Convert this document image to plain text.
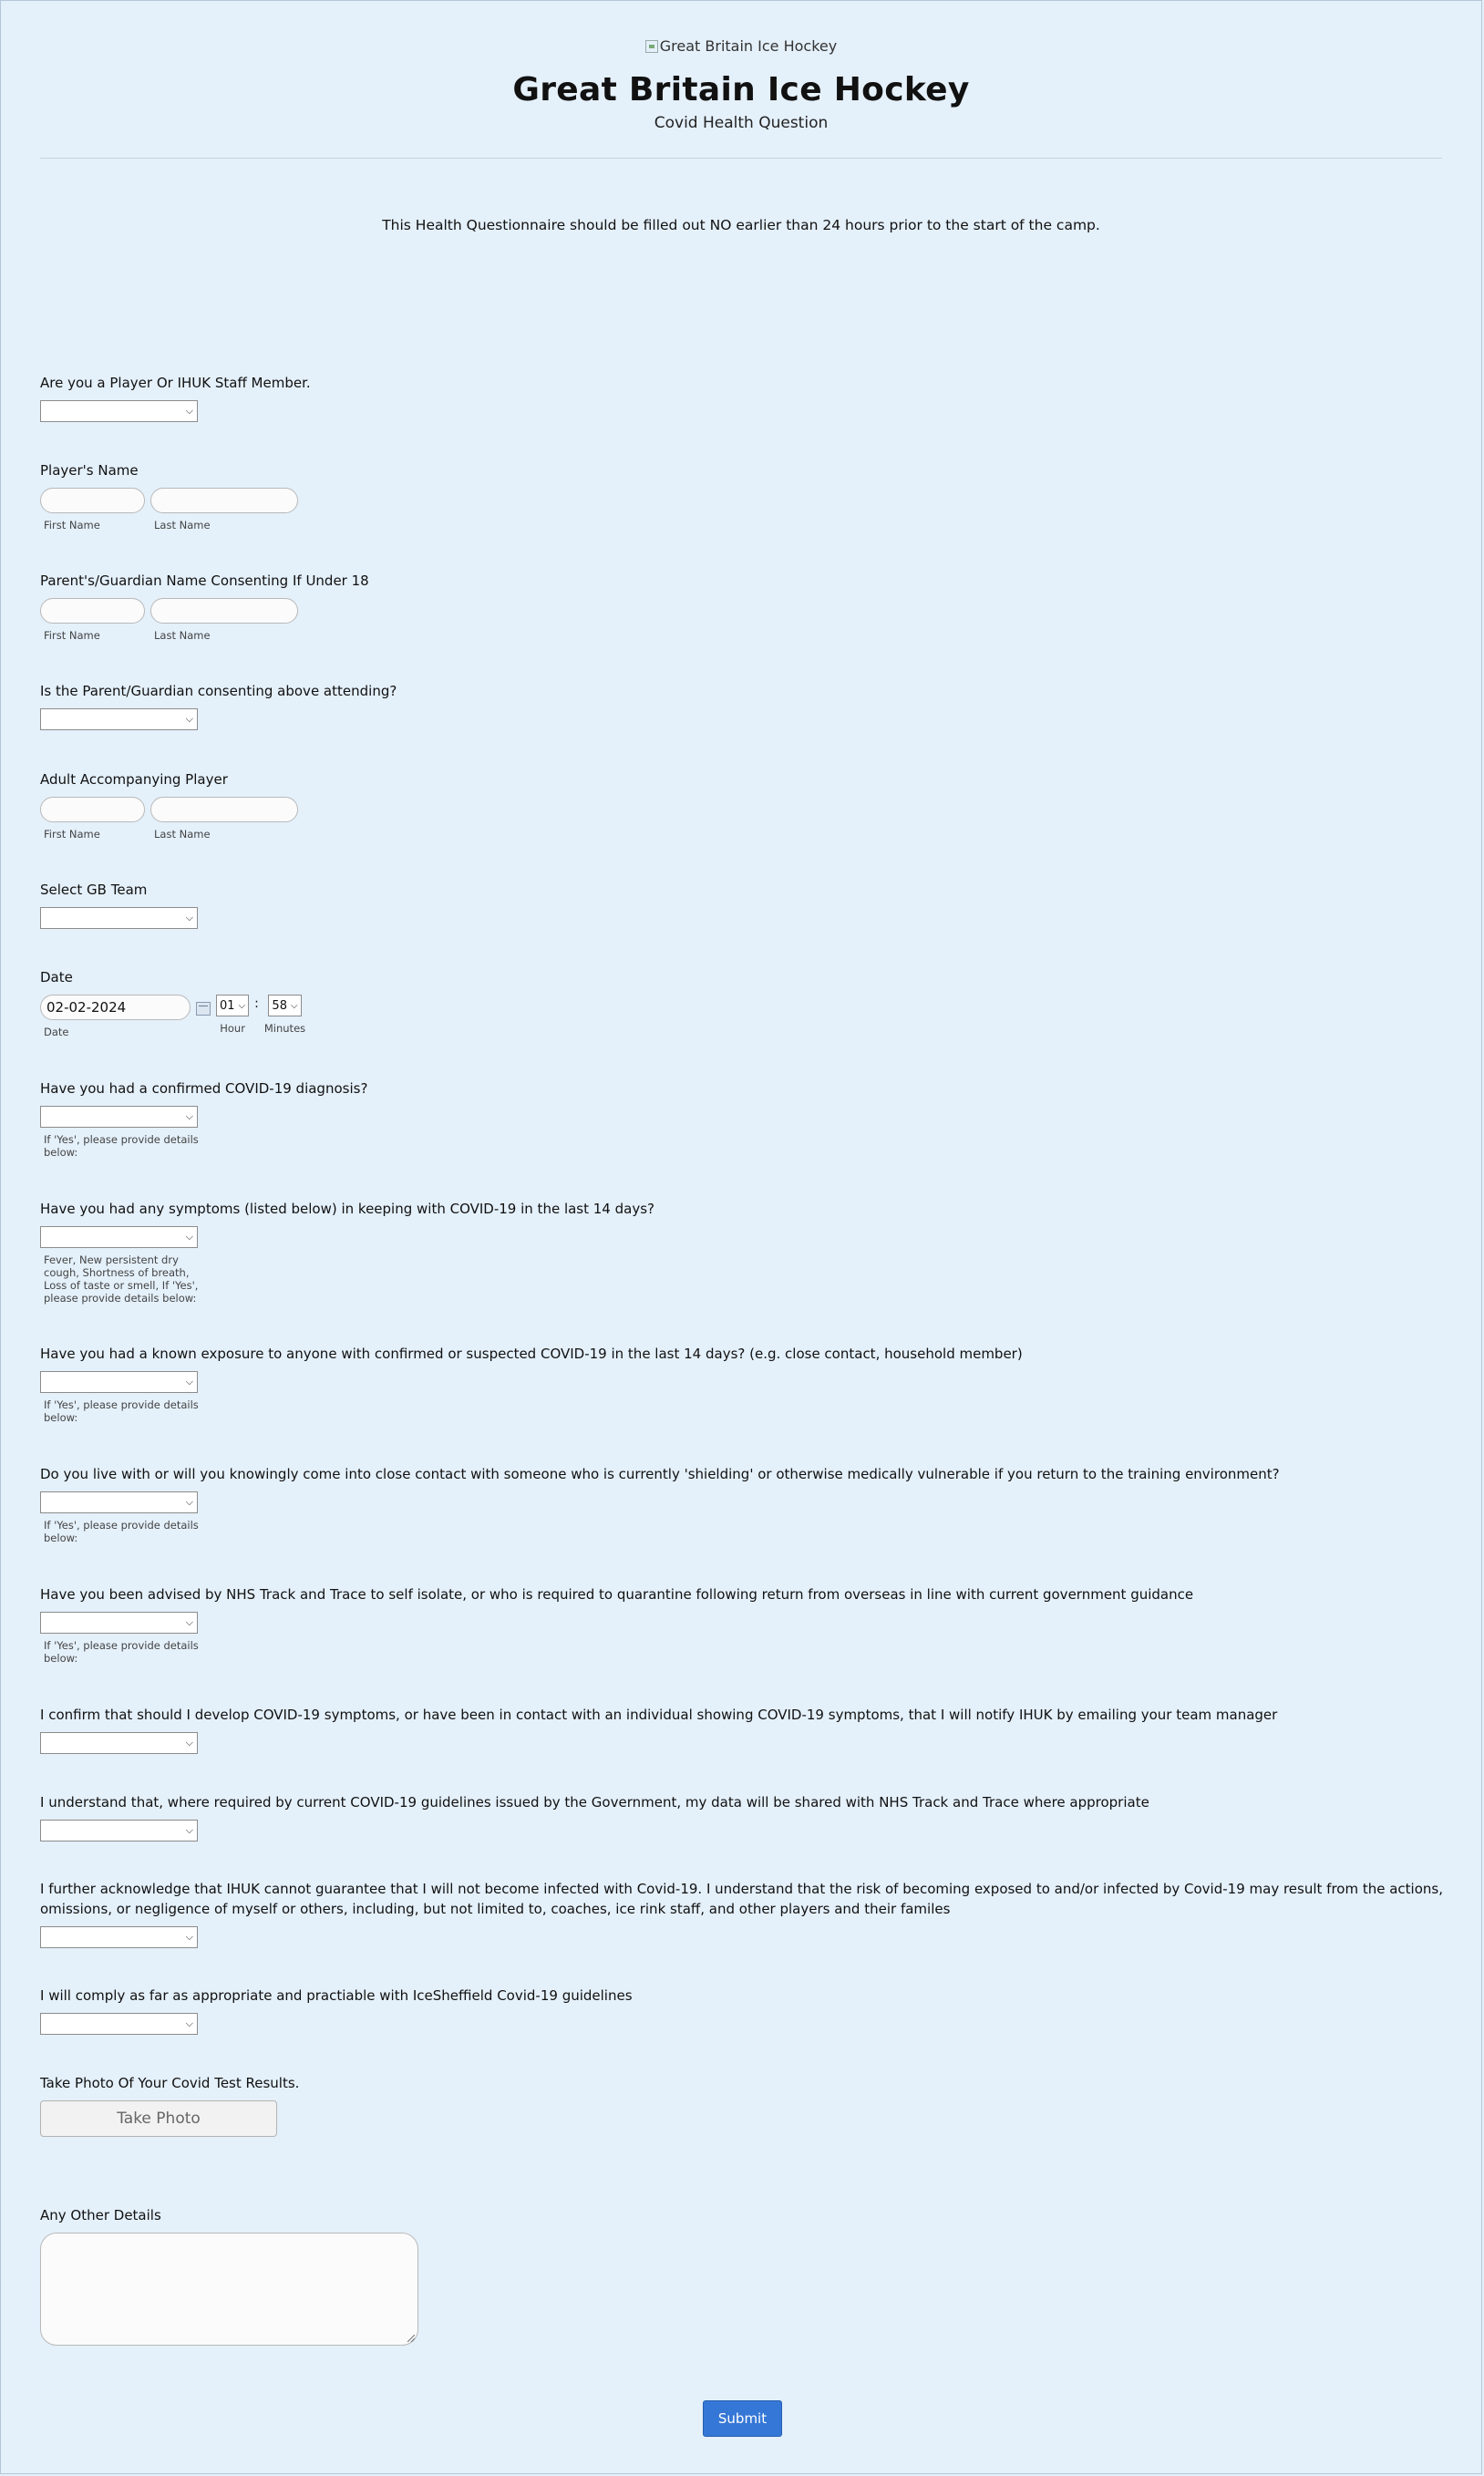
Great Britain Ice Hockey
Great Britain Ice Hockey
Covid Health Question
This Health Questionnaire should be filled out NO earlier than 24 hours prior to the start of the camp.
Are you a Player Or IHUK Staff Member.
⌵
Player's Name
First Name	Last Name
Parent's/Guardian Name Consenting If Under 18
First Name	Last Name
Is the Parent/Guardian consenting above attending?
⌵
Adult Accompanying Player
First Name	Last Name
Select GB Team
⌵
Date
02-02-2024
Date
01 ⌵
Hour
: 58 ⌵
Minutes
Have you had a confirmed COVID-19 diagnosis?
⌵
If 'Yes', please provide details below:
Have you had any symptoms (listed below) in keeping with COVID-19 in the last 14 days?
⌵
Fever, New persistent dry cough, Shortness of breath, Loss of taste or smell, If 'Yes', please provide details below:
Have you had a known exposure to anyone with confirmed or suspected COVID-19 in the last 14 days? (e.g. close contact, household member)
⌵
If 'Yes', please provide details below:
Do you live with or will you knowingly come into close contact with someone who is currently 'shielding' or otherwise medically vulnerable if you return to the training environment?
⌵
If 'Yes', please provide details below:
Have you been advised by NHS Track and Trace to self isolate, or who is required to quarantine following return from overseas in line with current government guidance
⌵
If 'Yes', please provide details below:
I confirm that should I develop COVID-19 symptoms, or have been in contact with an individual showing COVID-19 symptoms, that I will notify IHUK by emailing your team manager
⌵
I understand that, where required by current COVID-19 guidelines issued by the Government, my data will be shared with NHS Track and Trace where appropriate
⌵
I further acknowledge that IHUK cannot guarantee that I will not become infected with Covid-19. I understand that the risk of becoming exposed to and/or infected by Covid-19 may result from the actions, omissions, or negligence of myself or others, including, but not limited to, coaches, ice rink staff, and other players and their familes
⌵
I will comply as far as appropriate and practiable with IceSheffield Covid-19 guidelines
⌵
Take Photo Of Your Covid Test Results.
Take Photo
Any Other Details
Submit
